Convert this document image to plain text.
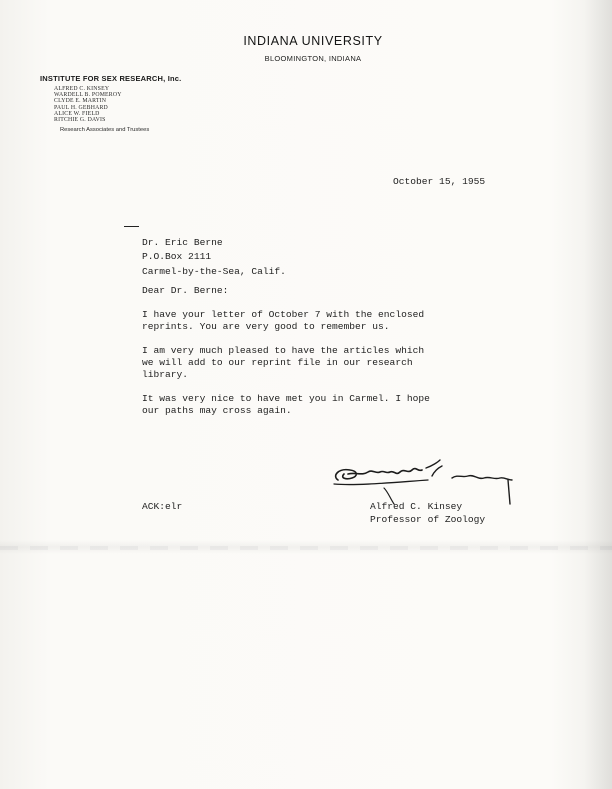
INDIANA UNIVERSITY
BLOOMINGTON, INDIANA
INSTITUTE FOR SEX RESEARCH, Inc.
ALFRED C. KINSEY
WARDELL B. POMEROY
CLYDE E. MARTIN
PAUL H. GEBHARD
ALICE W. FIELD
RITCHIE G. DAVIS
Research Associates and Trustees
October 15, 1955
Dr. Eric Berne
P.O.Box 2111
Carmel-by-the-Sea, Calif.
Dear Dr. Berne:
I have your letter of October 7 with the enclosed
reprints. You are very good to remember us.
I am very much pleased to have the articles which
we will add to our reprint file in our research
library.
It was very nice to have met you in Carmel. I hope
our paths may cross again.
ACK:elr	Alfred C. Kinsey
Professor of Zoology
